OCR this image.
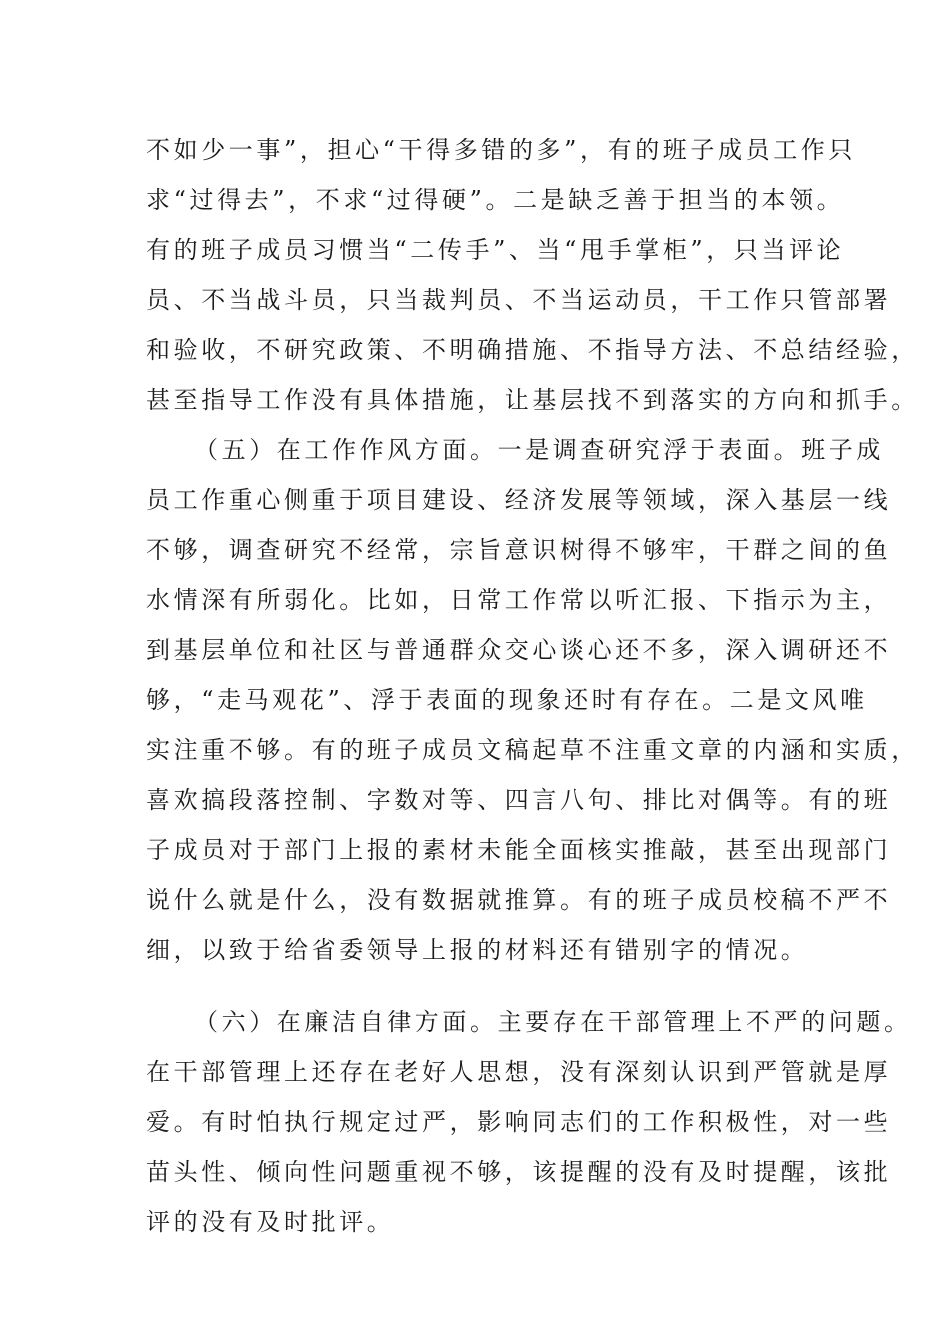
不如少一事”，担心“干得多错的多”，有的班子成员工作只
求“过得去”，不求“过得硬”。二是缺乏善于担当的本领。
有的班子成员习惯当“二传手”、当“甩手掌柜”，只当评论
员、不当战斗员，只当裁判员、不当运动员，干工作只管部署
和验收，不研究政策、不明确措施、不指导方法、不总结经验，
甚至指导工作没有具体措施，让基层找不到落实的方向和抓手。
（五）在工作作风方面。一是调查研究浮于表面。班子成
员工作重心侧重于项目建设、经济发展等领域，深入基层一线
不够，调查研究不经常，宗旨意识树得不够牢，干群之间的鱼
水情深有所弱化。比如，日常工作常以听汇报、下指示为主，
到基层单位和社区与普通群众交心谈心还不多，深入调研还不
够，“走马观花”、浮于表面的现象还时有存在。二是文风唯
实注重不够。有的班子成员文稿起草不注重文章的内涵和实质，
喜欢搞段落控制、字数对等、四言八句、排比对偶等。有的班
子成员对于部门上报的素材未能全面核实推敲，甚至出现部门
说什么就是什么，没有数据就推算。有的班子成员校稿不严不
细，以致于给省委领导上报的材料还有错别字的情况。
（六）在廉洁自律方面。主要存在干部管理上不严的问题。
在干部管理上还存在老好人思想，没有深刻认识到严管就是厚
爱。有时怕执行规定过严，影响同志们的工作积极性，对一些
苗头性、倾向性问题重视不够，该提醒的没有及时提醒，该批
评的没有及时批评。
